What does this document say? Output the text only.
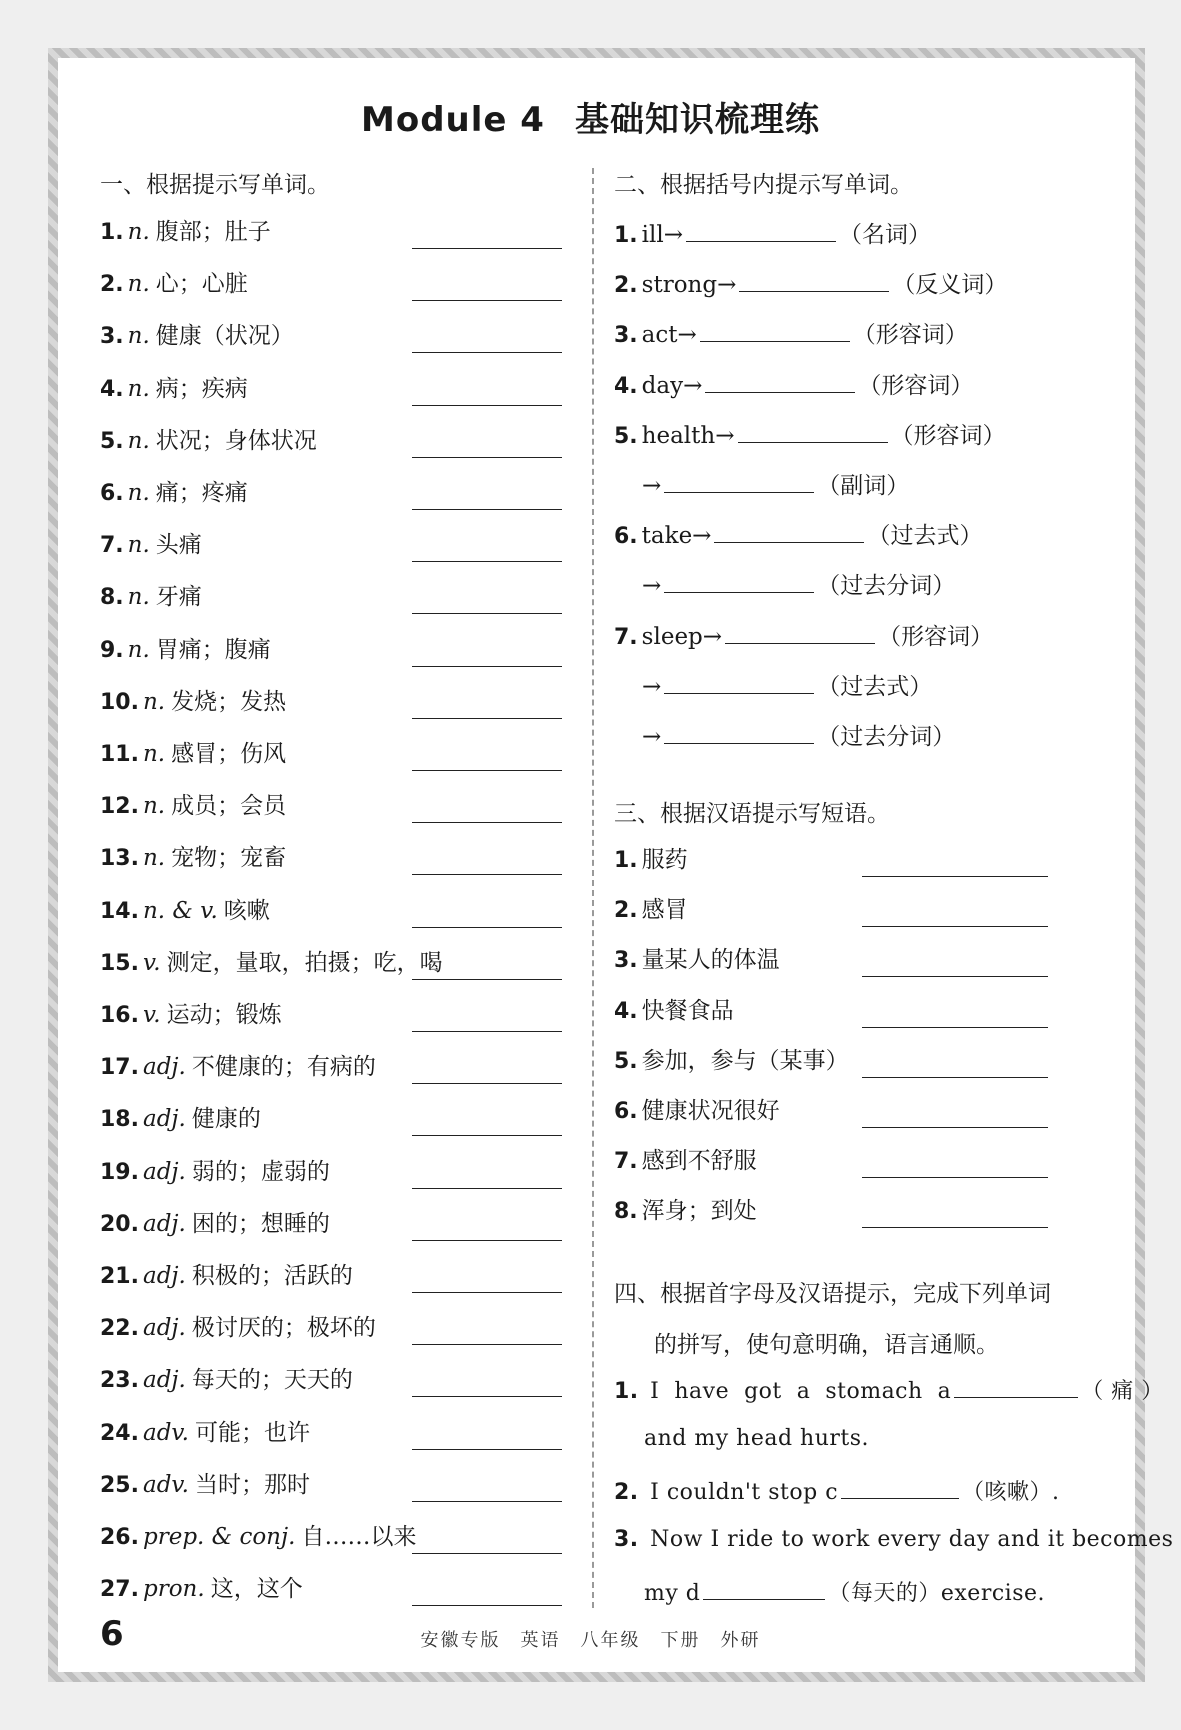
Module 4 基础知识梳理练
一、根据提示写单词。
1. n. 腹部；肚子
2. n. 心；心脏
3. n. 健康（状况）
4. n. 病；疾病
5. n. 状况；身体状况
6. n. 痛；疼痛
7. n. 头痛
8. n. 牙痛
9. n. 胃痛；腹痛
10. n. 发烧；发热
11. n. 感冒；伤风
12. n. 成员；会员
13. n. 宠物；宠畜
14. n. & v. 咳嗽
15. v. 测定，量取，拍摄；吃，喝
16. v. 运动；锻炼
17. adj. 不健康的；有病的
18. adj. 健康的
19. adj. 弱的；虚弱的
20. adj. 困的；想睡的
21. adj. 积极的；活跃的
22. adj. 极讨厌的；极坏的
23. adj. 每天的；天天的
24. adv. 可能；也许
25. adv. 当时；那时
26. prep. & conj. 自……以来
27. pron. 这，这个
二、根据括号内提示写单词。
1. ill→	（名词）
2. strong→	（反义词）
3. act→	（形容词）
4. day→	（形容词）
5. health→	（形容词）
→	（副词）
6. take→	（过去式）
→	（过去分词）
7. sleep→	（形容词）
→	（过去式）
→	（过去分词）
三、根据汉语提示写短语。
1. 服药
2. 感冒
3. 量某人的体温
4. 快餐食品
5. 参加，参与（某事）
6. 健康状况很好
7. 感到不舒服
8. 浑身；到处
四、根据首字母及汉语提示，完成下列单词
的拼写，使句意明确，语言通顺。
1. I  have  got  a  stomach  a	（ 痛 ）
and my head hurts.
2. I couldn't stop c	（咳嗽）.
3. Now I ride to work every day and it becomes
my d	（每天的）exercise.
6	安徽专版 英语 八年级 下册 外研
